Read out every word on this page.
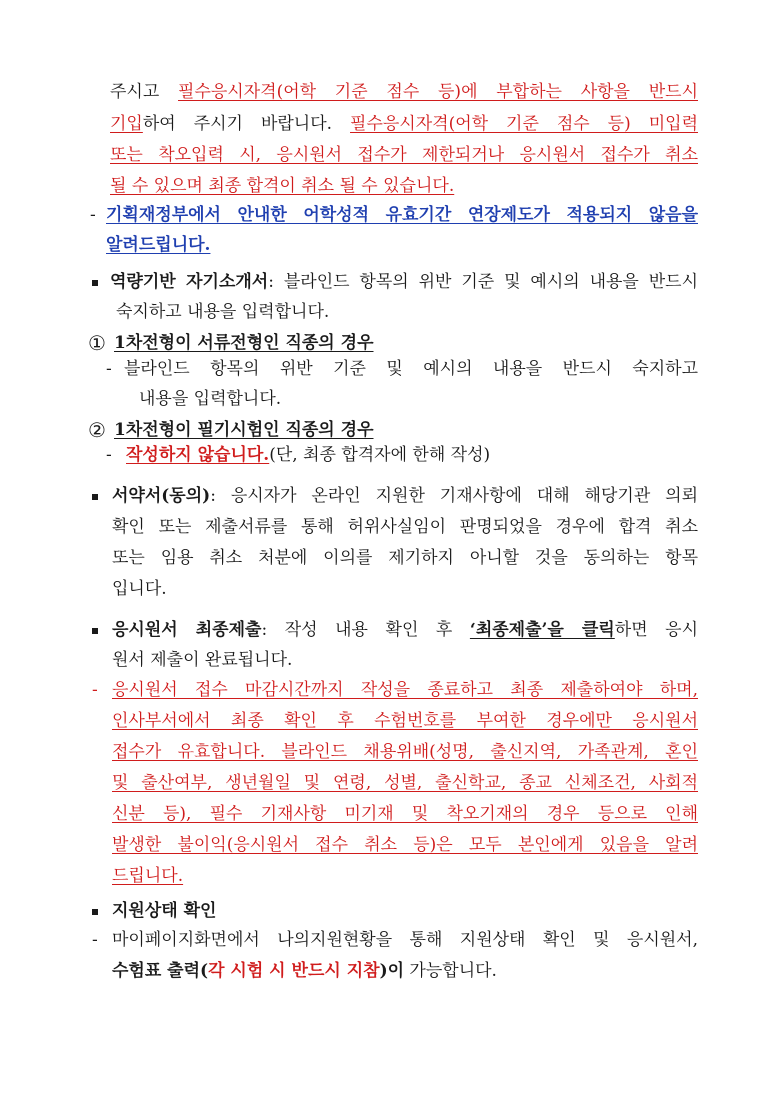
주시고 필수응시자격(어학 기준 점수 등)에 부합하는 사항을 반드시
기입하여 주시기 바랍니다. 필수응시자격(어학 기준 점수 등) 미입력
또는 착오입력 시, 응시원서 접수가 제한되거나 응시원서 접수가 취소
될 수 있으며 최종 합격이 취소 될 수 있습니다.
- 기획재정부에서 안내한 어학성적 유효기간 연장제도가 적용되지 않음을
알려드립니다.
역량기반 자기소개서: 블라인드 항목의 위반 기준 및 예시의 내용을 반드시
숙지하고 내용을 입력합니다.
① 1차전형이 서류전형인 직종의 경우
- 블라인드 항목의 위반 기준 및 예시의 내용을 반드시 숙지하고
내용을 입력합니다.
② 1차전형이 필기시험인 직종의 경우
- 작성하지 않습니다.(단, 최종 합격자에 한해 작성)
서약서(동의): 응시자가 온라인 지원한 기재사항에 대해 해당기관 의뢰
확인 또는 제출서류를 통해 허위사실임이 판명되었을 경우에 합격 취소
또는 임용 취소 처분에 이의를 제기하지 아니할 것을 동의하는 항목
입니다.
응시원서 최종제출: 작성 내용 확인 후 ‘최종제출’을 클릭하면 응시
원서 제출이 완료됩니다.
- 응시원서 접수 마감시간까지 작성을 종료하고 최종 제출하여야 하며,
인사부서에서 최종 확인 후 수험번호를 부여한 경우에만 응시원서
접수가 유효합니다. 블라인드 채용위배(성명, 출신지역, 가족관계, 혼인
및 출산여부, 생년월일 및 연령, 성별, 출신학교, 종교 신체조건, 사회적
신분 등), 필수 기재사항 미기재 및 착오기재의 경우 등으로 인해
발생한 불이익(응시원서 접수 취소 등)은 모두 본인에게 있음을 알려
드립니다.
지원상태 확인
- 마이페이지화면에서 나의지원현황을 통해 지원상태 확인 및 응시원서,
수험표 출력(각 시험 시 반드시 지참)이 가능합니다.
